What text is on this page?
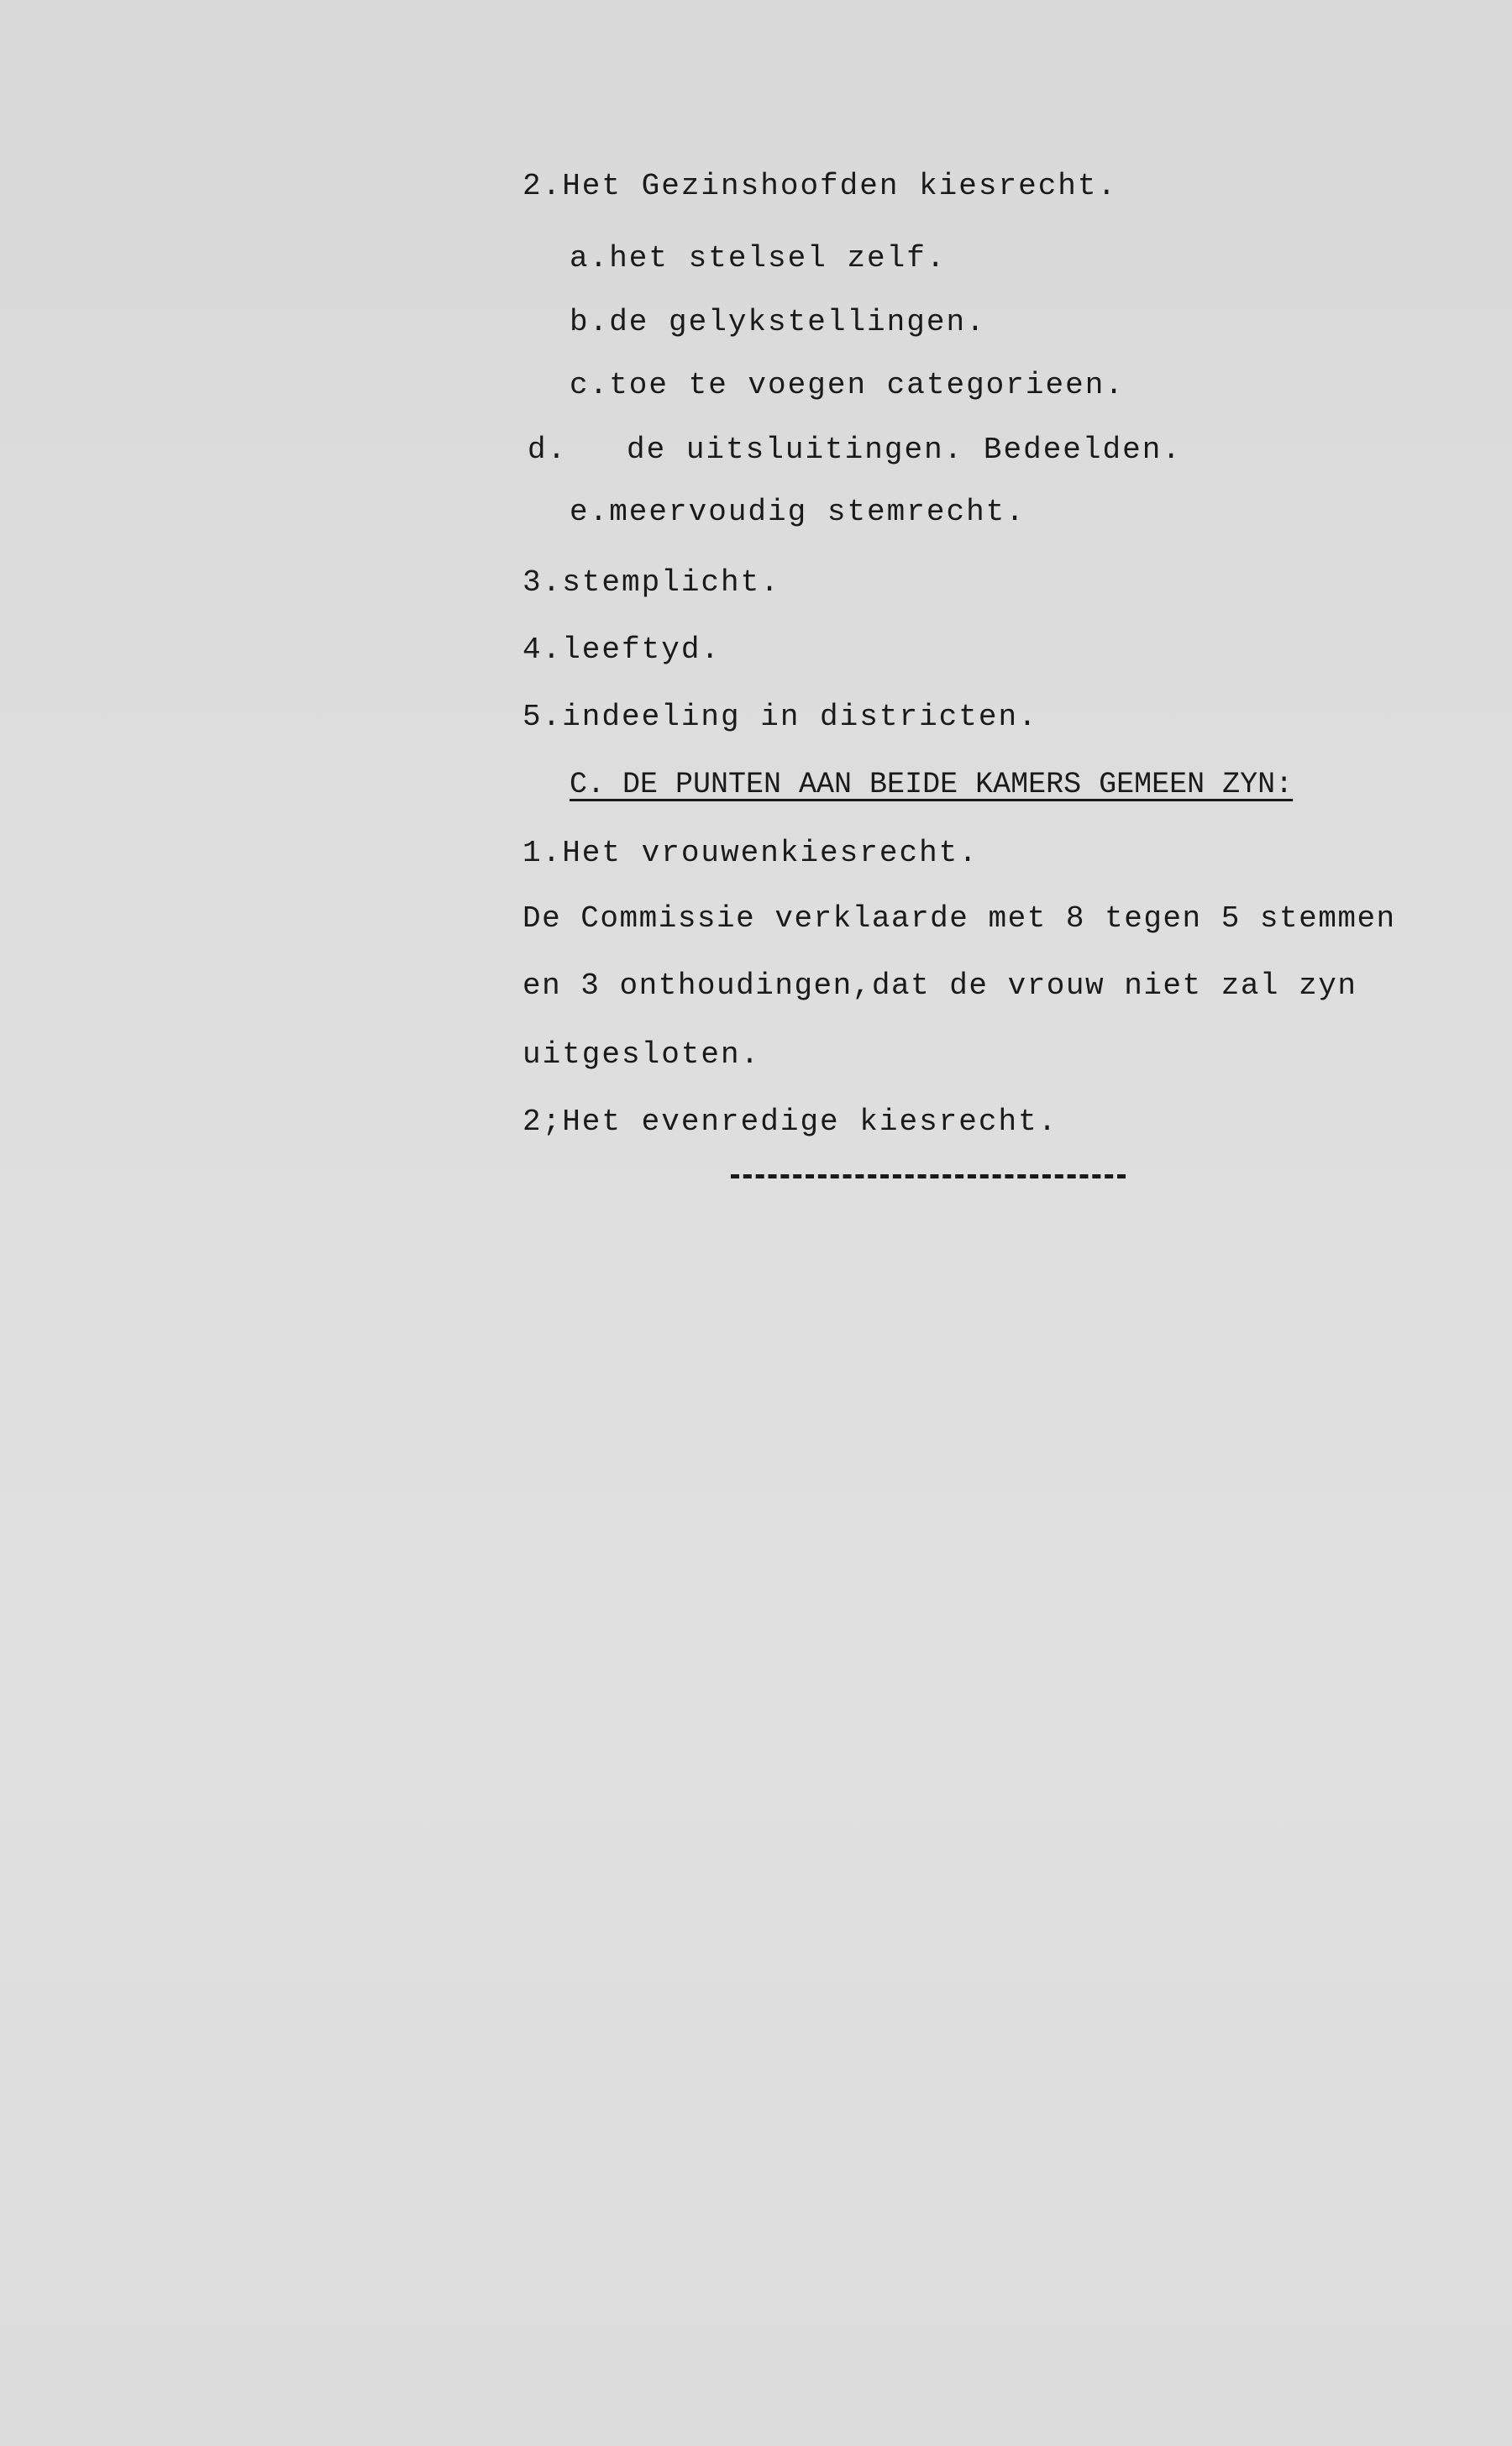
2.Het Gezinshoofden kiesrecht.
a.het stelsel zelf.
b.de gelykstellingen.
c.toe te voegen categorieen.
d.   de uitsluitingen. Bedeelden.
e.meervoudig stemrecht.
3.stemplicht.
4.leeftyd.
5.indeeling in districten.
C. DE PUNTEN AAN BEIDE KAMERS GEMEEN ZYN:
1.Het vrouwenkiesrecht.
De Commissie verklaarde met 8 tegen 5 stemmen
en 3 onthoudingen,dat de vrouw niet zal zyn
uitgesloten.
2;Het evenredige kiesrecht.
